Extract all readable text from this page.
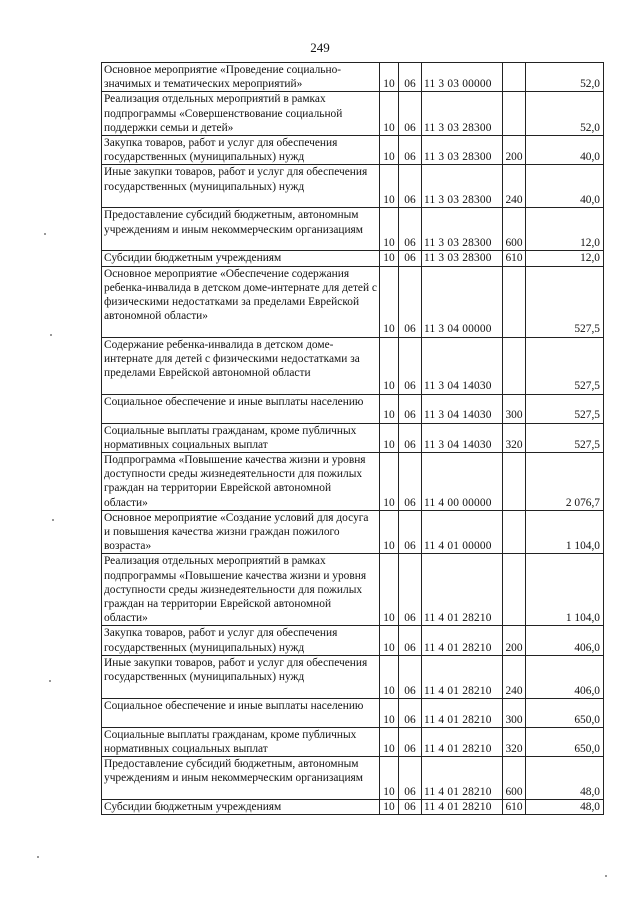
249
Основное мероприятие «Проведение социально-значимых и тематических мероприятий»	10	06	11 3 03 00000		52,0
Реализация отдельных мероприятий в рамках подпрограммы «Совершенствование социальной поддержки семьи и детей»	10	06	11 3 03 28300		52,0
Закупка товаров, работ и услуг для обеспечения государственных (муниципальных) нужд	10	06	11 3 03 28300	200	40,0
Иные закупки товаров, работ и услуг для обеспечения государственных (муниципальных) нужд	10	06	11 3 03 28300	240	40,0
Предоставление субсидий бюджетным, автономным учреждениям и иным некоммерческим организациям	10	06	11 3 03 28300	600	12,0
Субсидии бюджетным учреждениям	10	06	11 3 03 28300	610	12,0
Основное мероприятие «Обеспечение содержания ребенка-инвалида в детском доме-интернате для детей с физическими недостатками за пределами Еврейской автономной области»	10	06	11 3 04 00000		527,5
Содержание ребенка-инвалида в детском доме-интернате для детей с физическими недостатками за пределами Еврейской автономной области	10	06	11 3 04 14030		527,5
Социальное обеспечение и иные выплаты населению	10	06	11 3 04 14030	300	527,5
Социальные выплаты гражданам, кроме публичных нормативных социальных выплат	10	06	11 3 04 14030	320	527,5
Подпрограмма «Повышение качества жизни и уровня доступности среды жизнедеятельности для пожилых граждан на территории Еврейской автономной области»	10	06	11 4 00 00000		2 076,7
Основное мероприятие «Создание условий для досуга и повышения качества жизни граждан пожилого возраста»	10	06	11 4 01 00000		1 104,0
Реализация отдельных мероприятий в рамках подпрограммы «Повышение качества жизни и уровня доступности среды жизнедеятельности для пожилых граждан на территории Еврейской автономной области»	10	06	11 4 01 28210		1 104,0
Закупка товаров, работ и услуг для обеспечения государственных (муниципальных) нужд	10	06	11 4 01 28210	200	406,0
Иные закупки товаров, работ и услуг для обеспечения государственных (муниципальных) нужд	10	06	11 4 01 28210	240	406,0
Социальное обеспечение и иные выплаты населению	10	06	11 4 01 28210	300	650,0
Социальные выплаты гражданам, кроме публичных нормативных социальных выплат	10	06	11 4 01 28210	320	650,0
Предоставление субсидий бюджетным, автономным учреждениям и иным некоммерческим организациям	10	06	11 4 01 28210	600	48,0
Субсидии бюджетным учреждениям	10	06	11 4 01 28210	610	48,0
